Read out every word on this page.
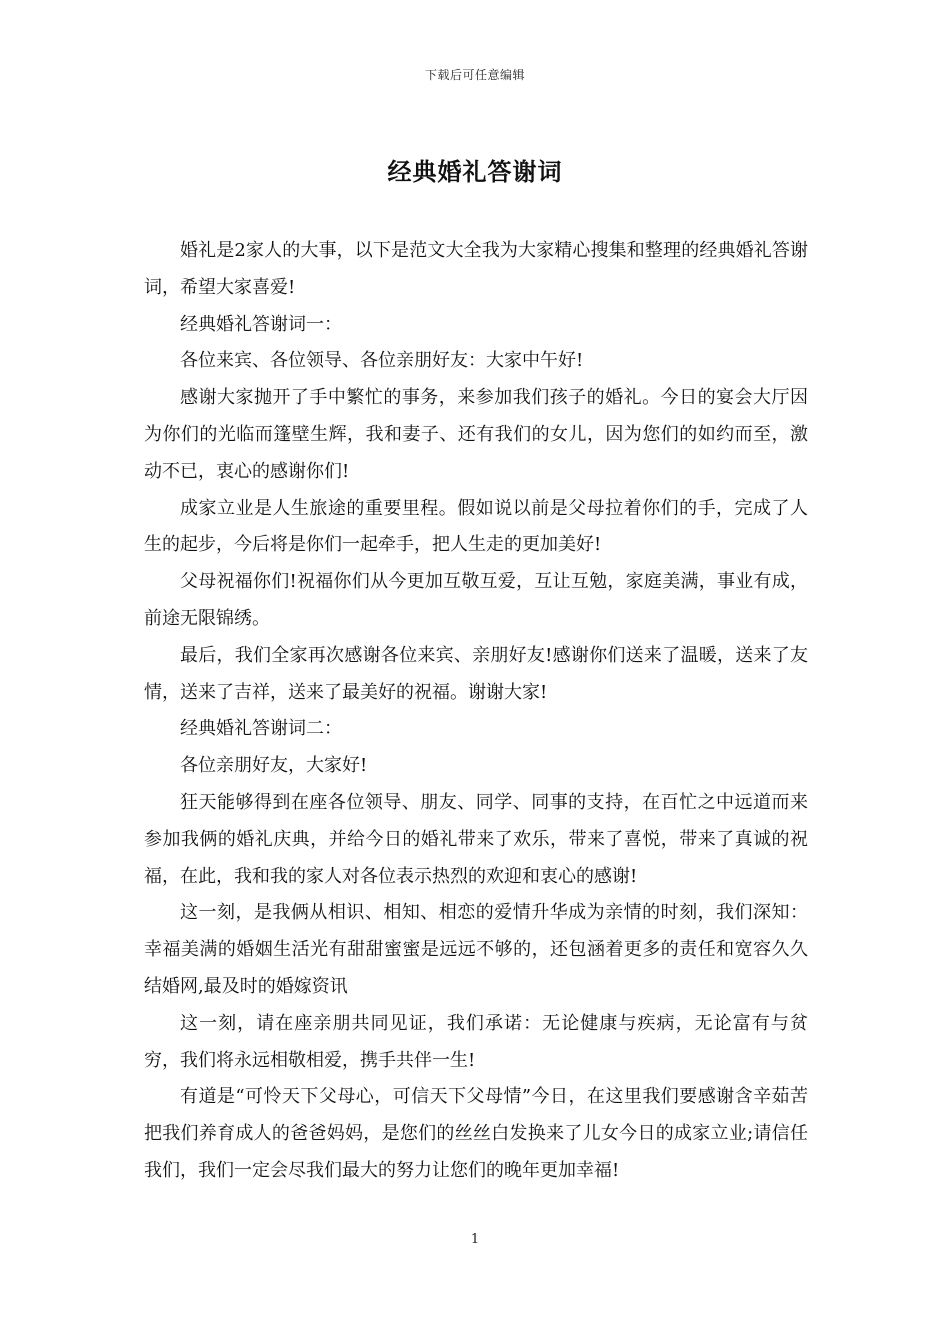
下载后可任意编辑
经典婚礼答谢词

婚礼是2家人的大事，以下是范文大全我为大家精心搜集和整理的经典婚礼答谢词，希望大家喜爱!

经典婚礼答谢词一：

各位来宾、各位领导、各位亲朋好友：大家中午好!

感谢大家抛开了手中繁忙的事务，来参加我们孩子的婚礼。今日的宴会大厅因为你们的光临而篷壁生辉，我和妻子、还有我们的女儿，因为您们的如约而至，激动不已，衷心的感谢你们!

成家立业是人生旅途的重要里程。假如说以前是父母拉着你们的手，完成了人生的起步，今后将是你们一起牵手，把人生走的更加美好!

父母祝福你们!祝福你们从今更加互敬互爱，互让互勉，家庭美满，事业有成，前途无限锦绣。

最后，我们全家再次感谢各位来宾、亲朋好友!感谢你们送来了温暖，送来了友情，送来了吉祥，送来了最美好的祝福。谢谢大家!

经典婚礼答谢词二：

各位亲朋好友，大家好!

狂天能够得到在座各位领导、朋友、同学、同事的支持，在百忙之中远道而来参加我俩的婚礼庆典，并给今日的婚礼带来了欢乐，带来了喜悦，带来了真诚的祝福，在此，我和我的家人对各位表示热烈的欢迎和衷心的感谢!

这一刻，是我俩从相识、相知、相恋的爱情升华成为亲情的时刻，我们深知：幸福美满的婚姻生活光有甜甜蜜蜜是远远不够的，还包涵着更多的责任和宽容久久结婚网,最及时的婚嫁资讯

这一刻，请在座亲朋共同见证，我们承诺：无论健康与疾病，无论富有与贫穷，我们将永远相敬相爱，携手共伴一生!

有道是“可怜天下父母心，可信天下父母情”今日，在这里我们要感谢含辛茹苦把我们养育成人的爸爸妈妈，是您们的丝丝白发换来了儿女今日的成家立业;请信任我们，我们一定会尽我们最大的努力让您们的晚年更加幸福!

1
